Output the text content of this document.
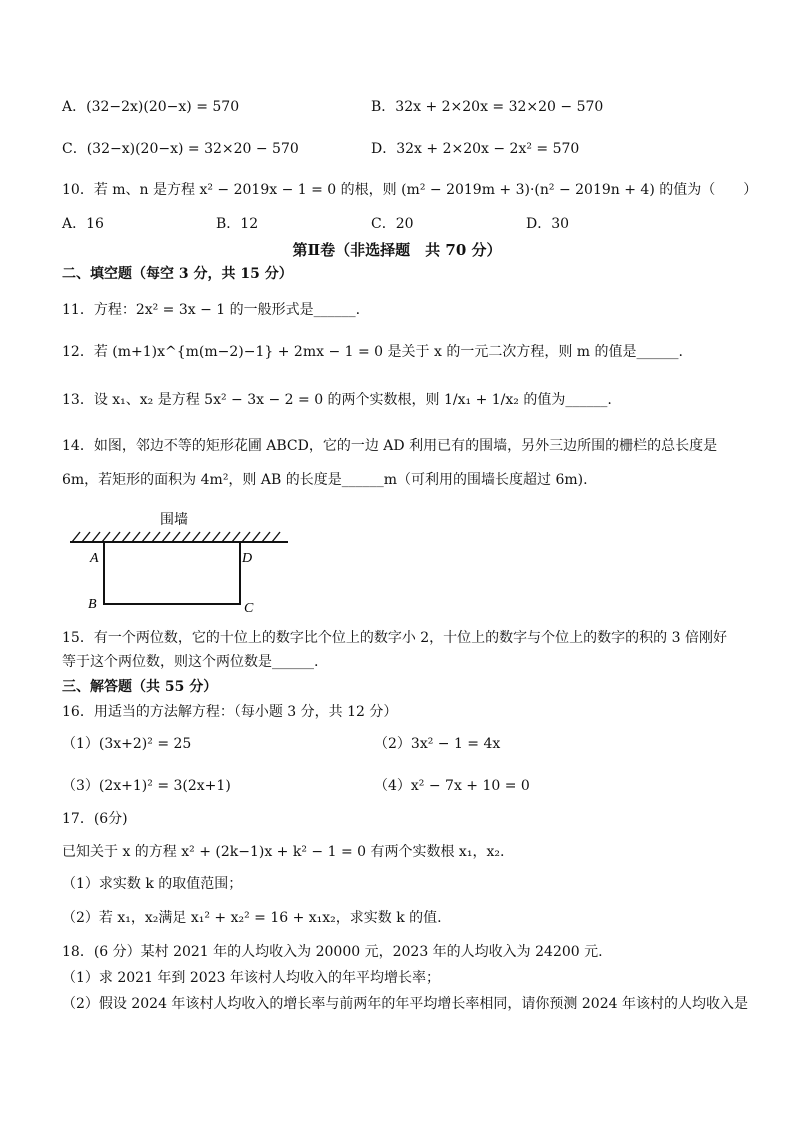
A．(32−2x)(20−x) = 570	B．32x + 2×20x = 32×20 − 570
C．(32−x)(20−x) = 32×20 − 570	D．32x + 2×20x − 2x² = 570
10．若 m、n 是方程 x² − 2019x − 1 = 0 的根，则 (m² − 2019m + 3)·(n² − 2019n + 4) 的值为（　　）
A．16	B．12	C．20	D．30
第Ⅱ卷（非选择题　共 70 分）
二、填空题（每空 3 分，共 15 分）
11．方程：2x² = 3x − 1 的一般形式是______.
12．若 (m+1)x^{m(m−2)−1} + 2mx − 1 = 0 是关于 x 的一元二次方程，则 m 的值是______.
13．设 x₁、x₂ 是方程 5x² − 3x − 2 = 0 的两个实数根，则 1/x₁ + 1/x₂ 的值为______.
14．如图，邻边不等的矩形花圃 ABCD，它的一边 AD 利用已有的围墙，另外三边所围的栅栏的总长度是
6m，若矩形的面积为 4m²，则 AB 的长度是______m（可利用的围墙长度超过 6m).
围墙
A	D
B	C
15．有一个两位数，它的十位上的数字比个位上的数字小 2，十位上的数字与个位上的数字的积的 3 倍刚好
等于这个两位数，则这个两位数是______.
三、解答题（共 55 分）
16．用适当的方法解方程：（每小题 3 分，共 12 分）
（1）(3x+2)² = 25	（2）3x² − 1 = 4x
（3）(2x+1)² = 3(2x+1)	（4）x² − 7x + 10 = 0
17．(6分)
已知关于 x 的方程 x² + (2k−1)x + k² − 1 = 0 有两个实数根 x₁，x₂.
（1）求实数 k 的取值范围；
（2）若 x₁，x₂满足 x₁² + x₂² = 16 + x₁x₂，求实数 k 的值.
18．(6 分）某村 2021 年的人均收入为 20000 元，2023 年的人均收入为 24200 元.
（1）求 2021 年到 2023 年该村人均收入的年平均增长率；
（2）假设 2024 年该村人均收入的增长率与前两年的年平均增长率相同，请你预测 2024 年该村的人均收入是
